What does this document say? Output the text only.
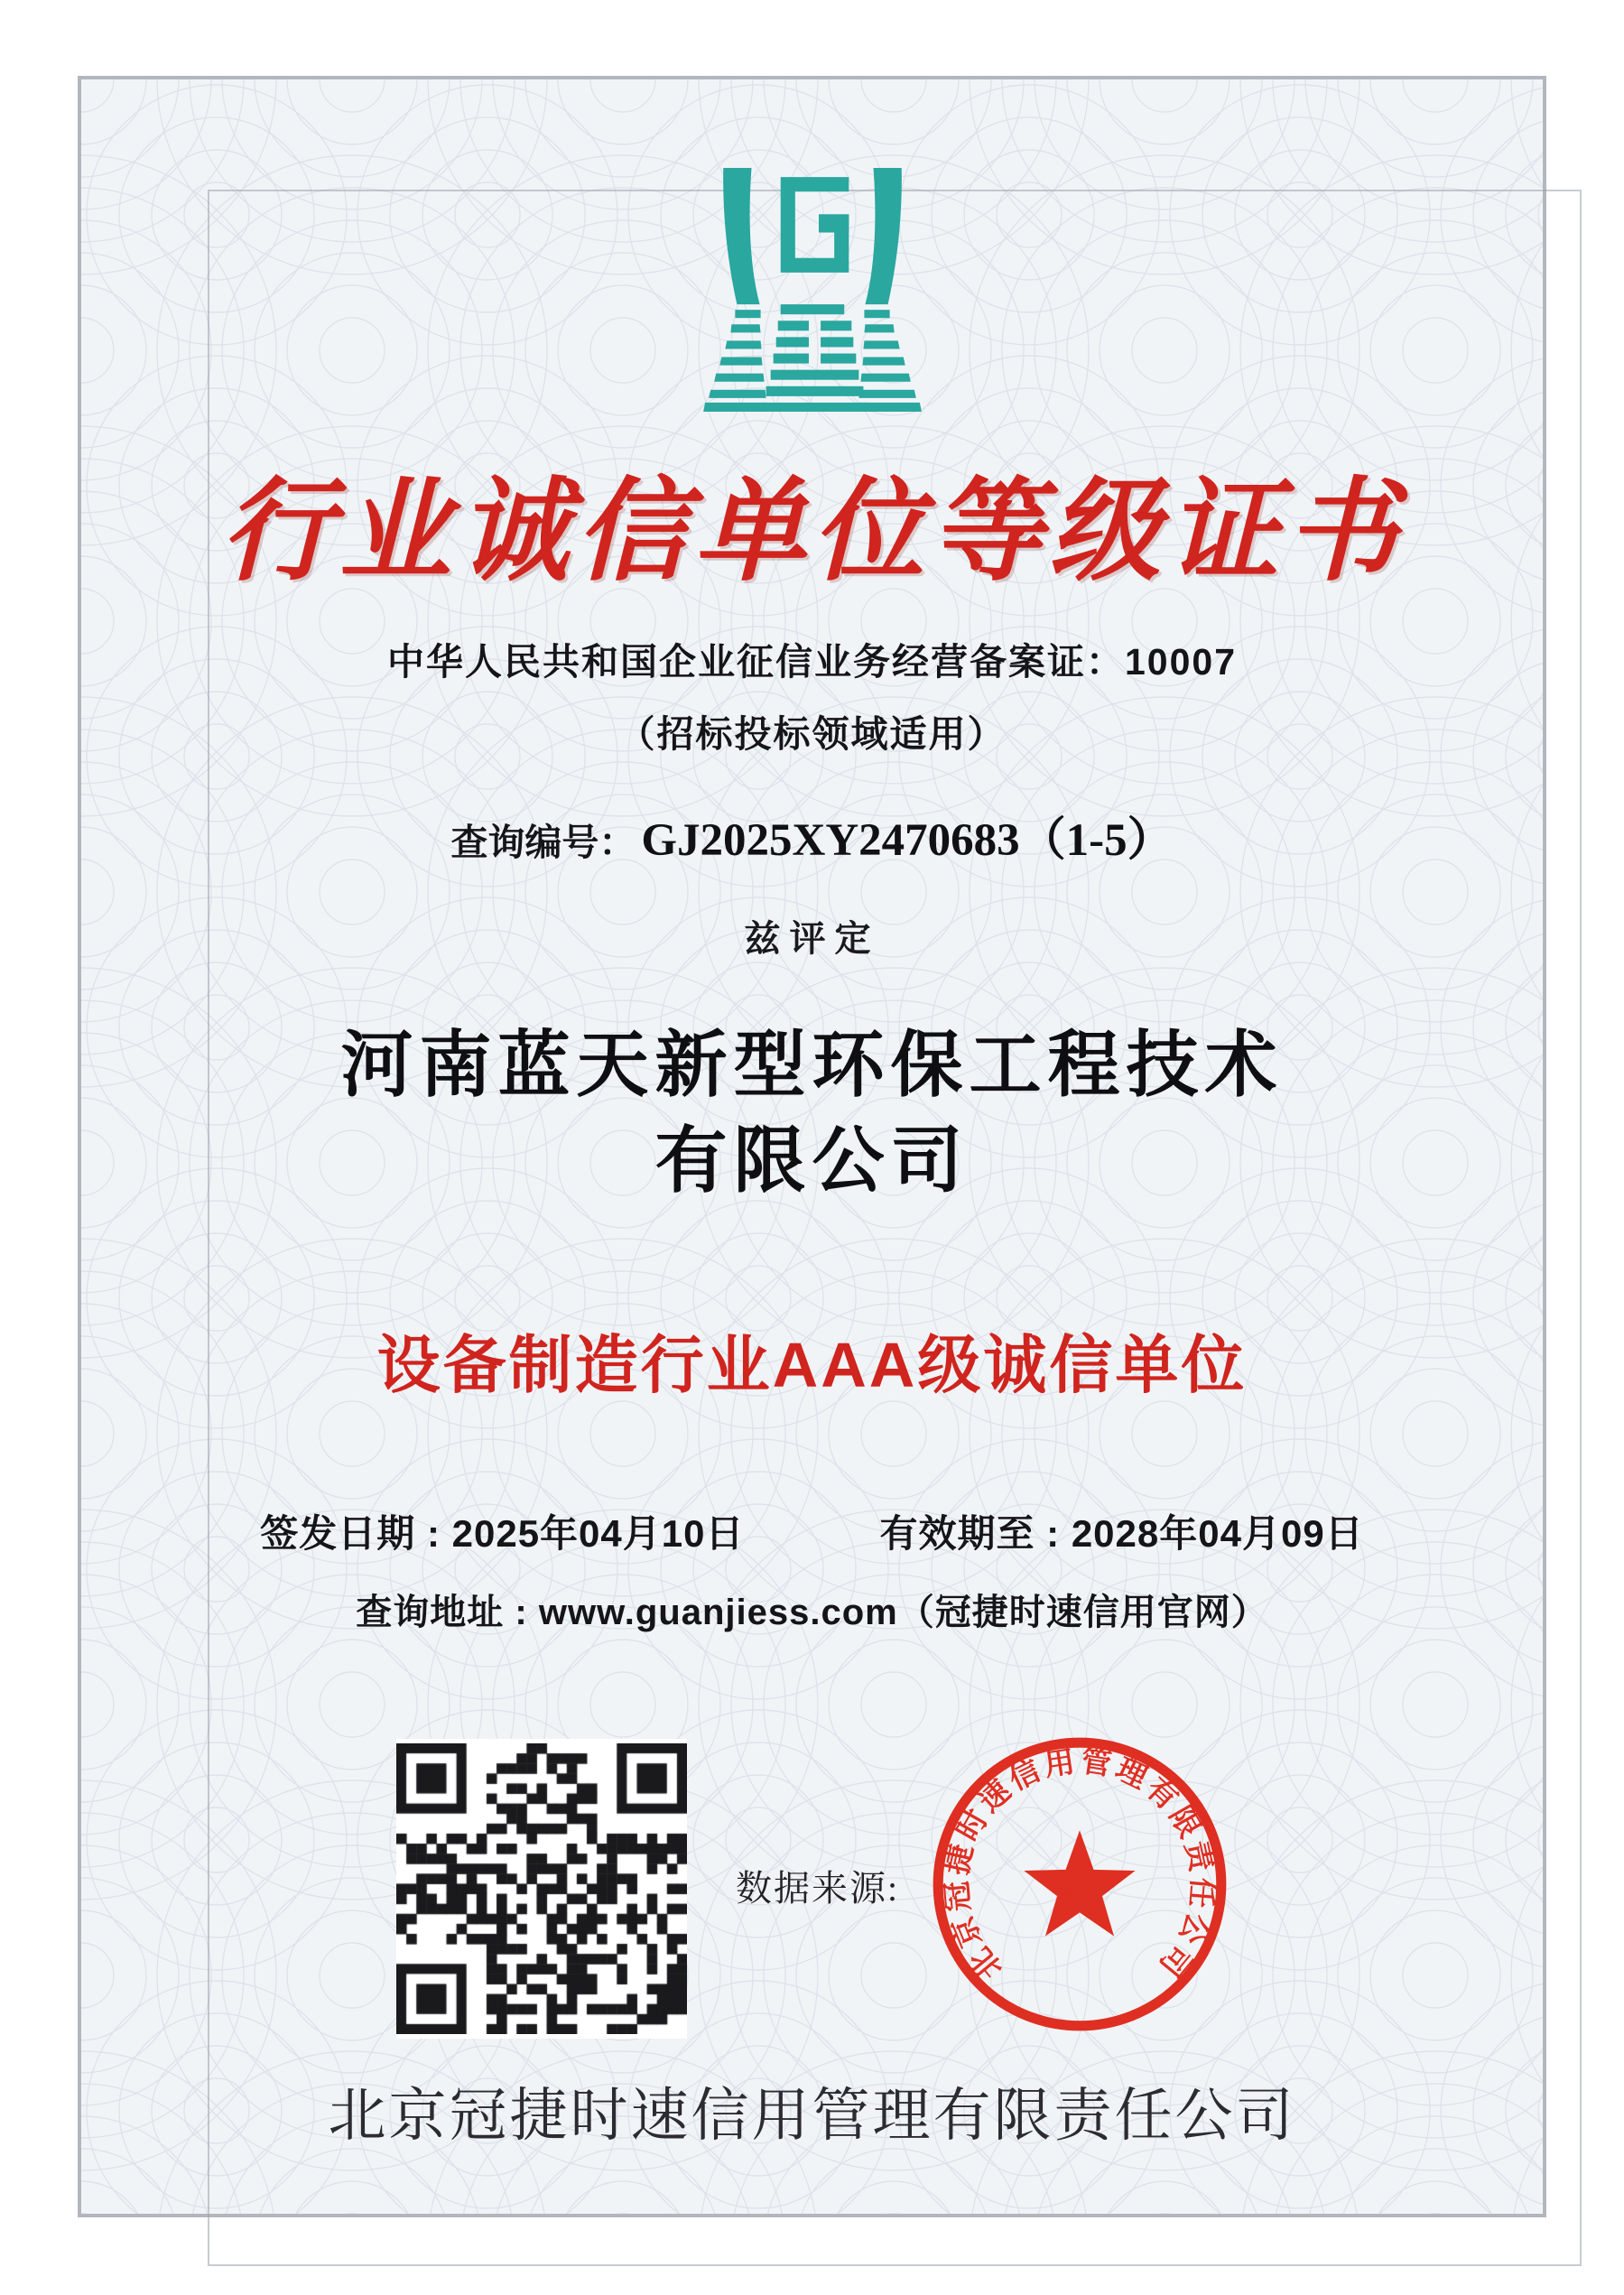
行业诚信单位等级证书
中华人民共和国企业征信业务经营备案证：10007
（招标投标领域适用）
查询编号： GJ2025XY2470683（1-5）
兹评定
河南蓝天新型环保工程技术有限公司
设备制造行业AAA级诚信单位
签发日期 : 2025年04月10日	有效期至 : 2028年04月09日
查询地址 : www.guanjiess.com（冠捷时速信用官网）
数据来源:
北京冠捷时速信用管理有限责任公司
北京冠捷时速信用管理有限责任公司
